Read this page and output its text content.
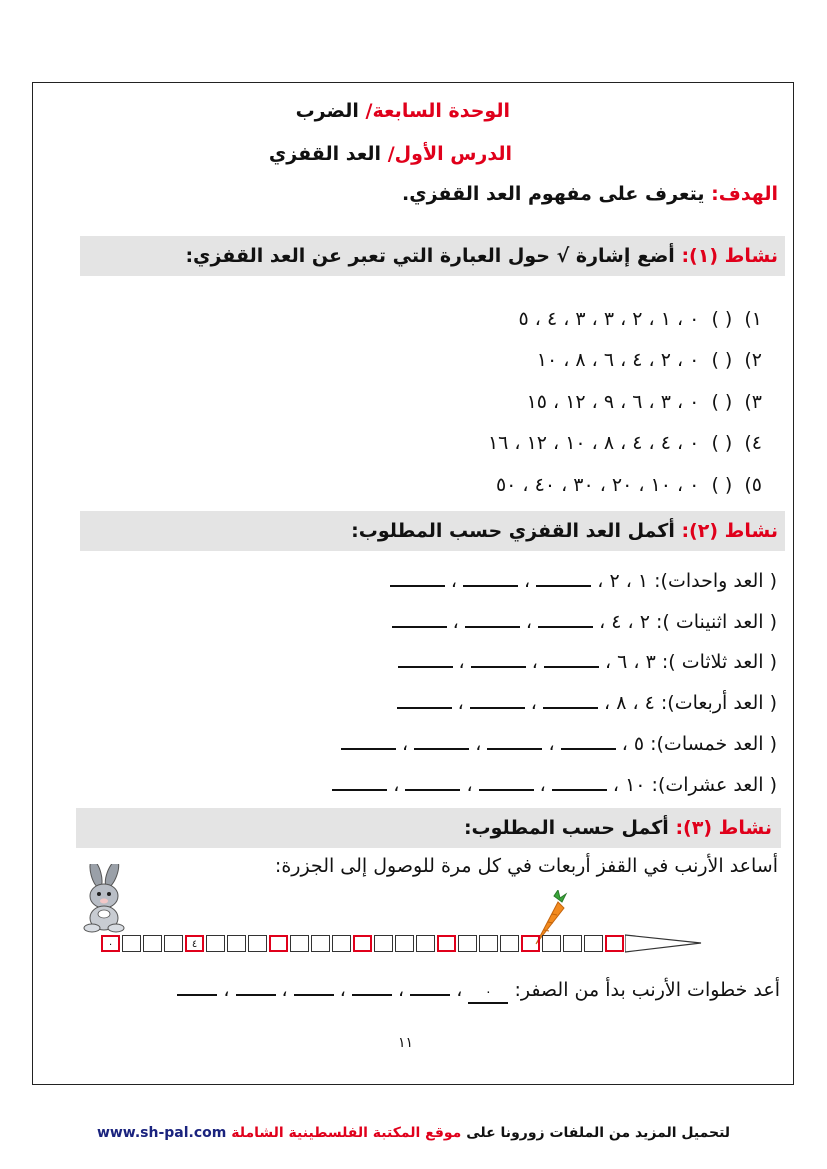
الوحدة السابعة/ الضرب
الدرس الأول/ العد القفزي
الهدف: يتعرف على مفهوم العد القفزي.
نشاط (١): أضع إشارة √ حول العبارة التي تعبر عن العد القفزي:
١) ( ) ٠ ، ١ ، ٢ ، ٣ ، ٣ ، ٤ ، ٥
٢) ( ) ٠ ، ٢ ، ٤ ، ٦ ، ٨ ، ١٠
٣) ( ) ٠ ، ٣ ، ٦ ، ٩ ، ١٢ ، ١٥
٤) ( ) ٠ ، ٤ ، ٤ ، ٨ ، ١٠ ، ١٢ ، ١٦
٥) ( ) ٠ ، ١٠ ، ٢٠ ، ٣٠ ، ٤٠ ، ٥٠
نشاط (٢): أكمل العد القفزي حسب المطلوب:
( العد واحدات): ١ ، ٢ ،  ،  ،
( العد اثنينات ): ٢ ، ٤ ،  ،  ،
( العد ثلاثات ): ٣ ، ٦ ،  ،  ،
( العد أربعات): ٤ ، ٨ ،  ،  ،
( العد خمسات): ٥ ،  ،  ،  ،
( العد عشرات): ١٠ ،  ،  ،  ،
نشاط (٣): أكمل حسب المطلوب:
أساعد الأرنب في القفز أربعات في كل مرة للوصول إلى الجزرة:
٠	٤
أعد خطوات الأرنب بدأ من الصفر: ٠ ،  ،  ،  ،  ،
١١
لتحميل المزيد من الملفات زورونا على موقع المكتبة الفلسطينية الشاملة www.sh-pal.com
